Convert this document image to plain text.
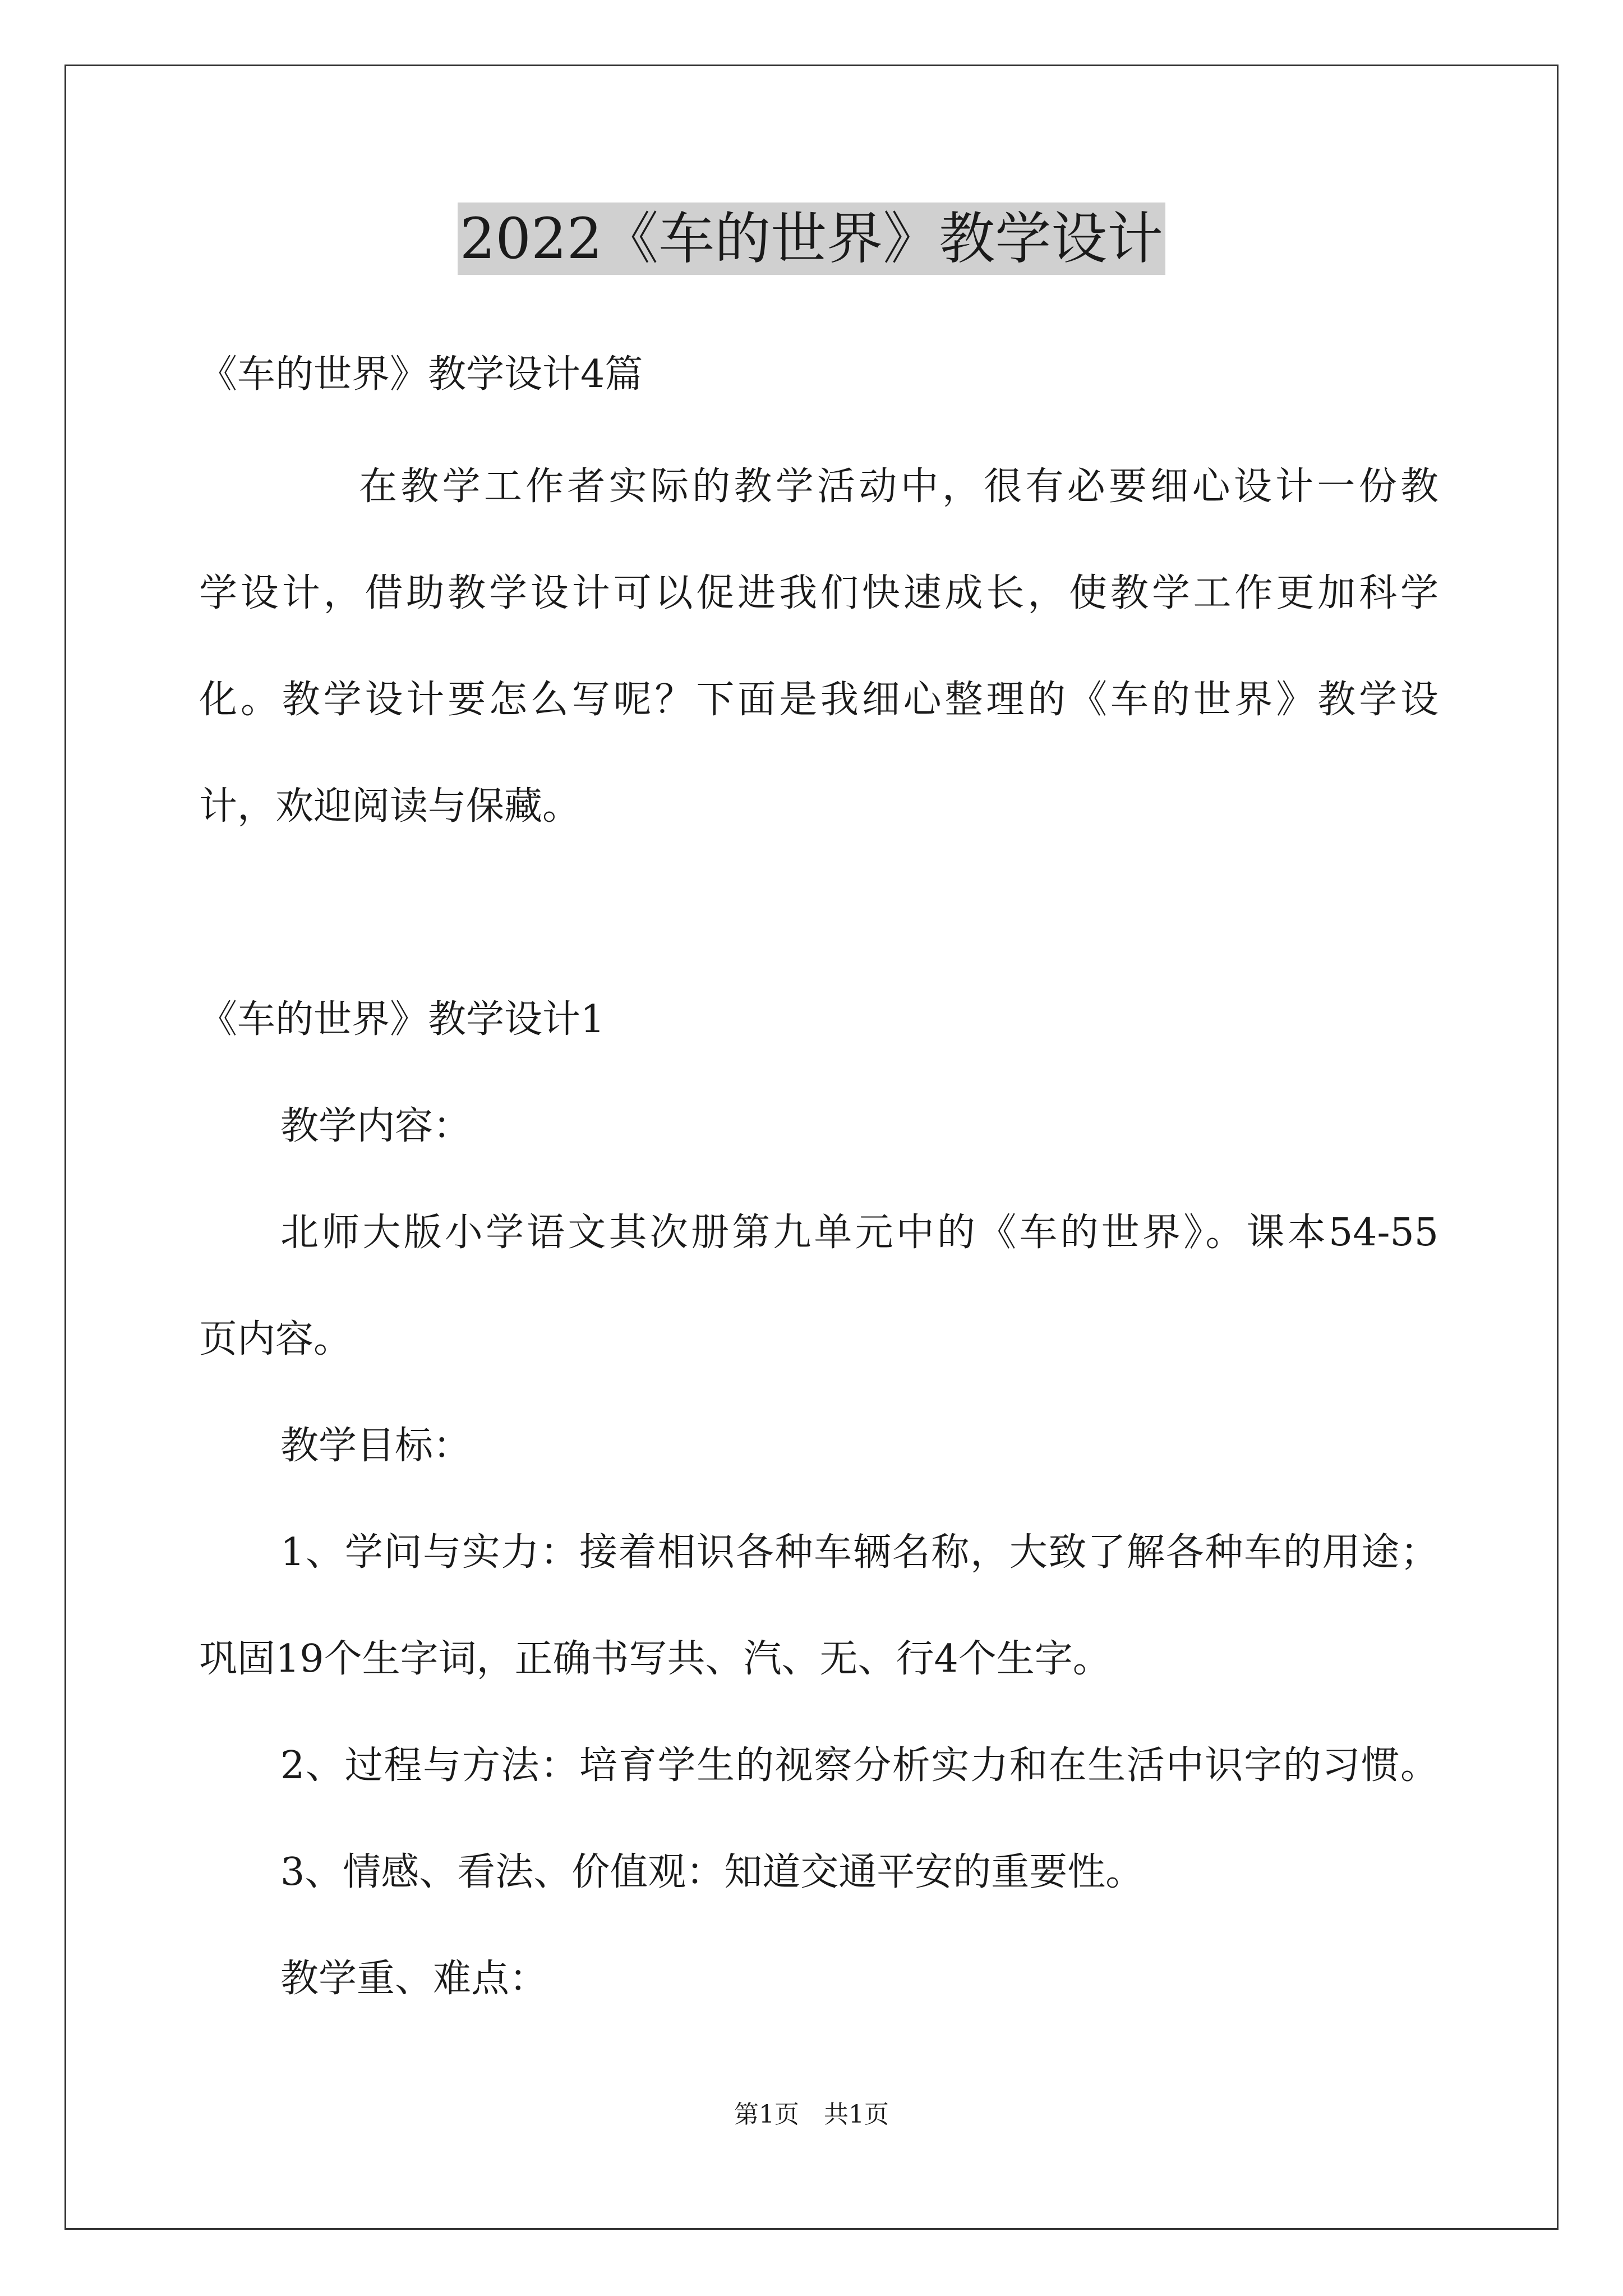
2022《车的世界》教学设计
《车的世界》教学设计4篇
在教学工作者实际的教学活动中，很有必要细心设计一份教
学设计，借助教学设计可以促进我们快速成长，使教学工作更加科学
化。教学设计要怎么写呢？下面是我细心整理的《车的世界》教学设
计，欢迎阅读与保藏。
《车的世界》教学设计1
教学内容：
北师大版小学语文其次册第九单元中的《车的世界》。课本54-55
页内容。
教学目标：
1、学问与实力：接着相识各种车辆名称，大致了解各种车的用途；
巩固19个生字词，正确书写共、汽、无、行4个生字。
2、过程与方法：培育学生的视察分析实力和在生活中识字的习惯。
3、情感、看法、价值观：知道交通平安的重要性。
教学重、难点：
第1页　共1页
